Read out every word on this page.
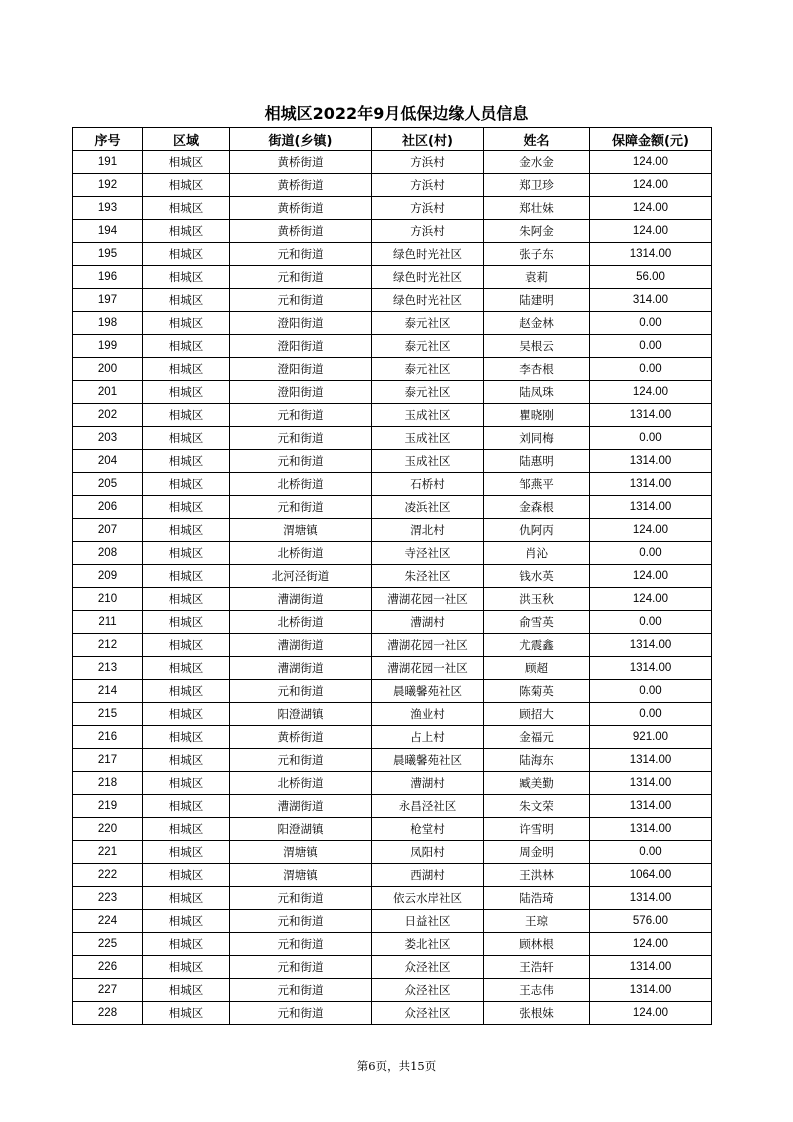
相城区2022年9月低保边缘人员信息
序号	区域	街道(乡镇)	社区(村)	姓名	保障金额(元)
191	相城区	黄桥街道	方浜村	金水金	124.00
192	相城区	黄桥街道	方浜村	郑卫珍	124.00
193	相城区	黄桥街道	方浜村	郑壮妹	124.00
194	相城区	黄桥街道	方浜村	朱阿金	124.00
195	相城区	元和街道	绿色时光社区	张子东	1314.00
196	相城区	元和街道	绿色时光社区	袁莉	56.00
197	相城区	元和街道	绿色时光社区	陆建明	314.00
198	相城区	澄阳街道	泰元社区	赵金林	0.00
199	相城区	澄阳街道	泰元社区	吴根云	0.00
200	相城区	澄阳街道	泰元社区	李杏根	0.00
201	相城区	澄阳街道	泰元社区	陆凤珠	124.00
202	相城区	元和街道	玉成社区	瞿晓刚	1314.00
203	相城区	元和街道	玉成社区	刘同梅	0.00
204	相城区	元和街道	玉成社区	陆惠明	1314.00
205	相城区	北桥街道	石桥村	邹燕平	1314.00
206	相城区	元和街道	凌浜社区	金森根	1314.00
207	相城区	渭塘镇	渭北村	仇阿丙	124.00
208	相城区	北桥街道	寺泾社区	肖沁	0.00
209	相城区	北河泾街道	朱泾社区	钱水英	124.00
210	相城区	漕湖街道	漕湖花园一社区	洪玉秋	124.00
211	相城区	北桥街道	漕湖村	俞雪英	0.00
212	相城区	漕湖街道	漕湖花园一社区	尤震鑫	1314.00
213	相城区	漕湖街道	漕湖花园一社区	顾超	1314.00
214	相城区	元和街道	晨曦馨苑社区	陈菊英	0.00
215	相城区	阳澄湖镇	渔业村	顾招大	0.00
216	相城区	黄桥街道	占上村	金福元	921.00
217	相城区	元和街道	晨曦馨苑社区	陆海东	1314.00
218	相城区	北桥街道	漕湖村	臧美勤	1314.00
219	相城区	漕湖街道	永昌泾社区	朱文荣	1314.00
220	相城区	阳澄湖镇	枪堂村	许雪明	1314.00
221	相城区	渭塘镇	凤阳村	周金明	0.00
222	相城区	渭塘镇	西湖村	王洪林	1064.00
223	相城区	元和街道	依云水岸社区	陆浩琦	1314.00
224	相城区	元和街道	日益社区	王琼	576.00
225	相城区	元和街道	娄北社区	顾林根	124.00
226	相城区	元和街道	众泾社区	王浩轩	1314.00
227	相城区	元和街道	众泾社区	王志伟	1314.00
228	相城区	元和街道	众泾社区	张根妹	124.00
第6页，共15页
